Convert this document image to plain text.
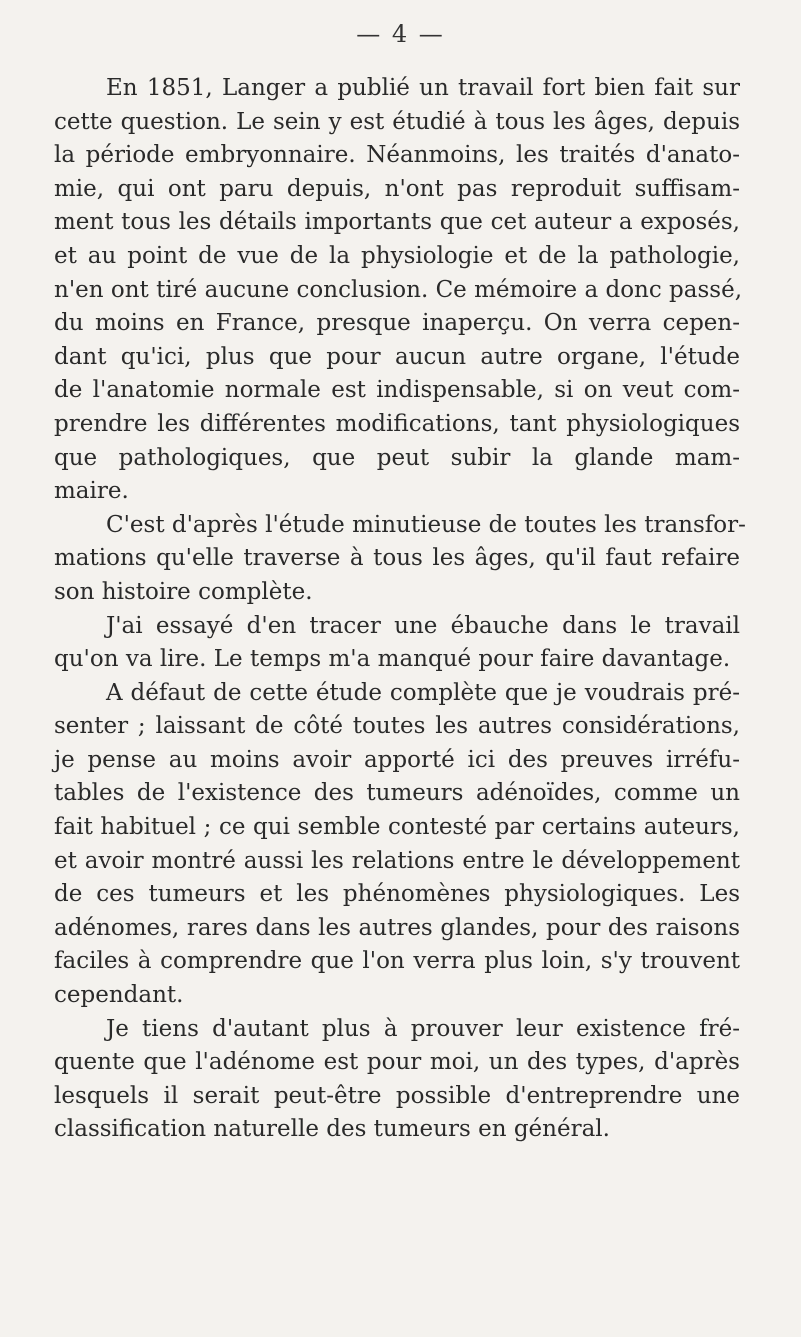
— 4 —

En 1851, Langer a publié un travail fort bien fait sur
cette question. Le sein y est étudié à tous les âges, depuis
la période embryonnaire. Néanmoins, les traités d'anato-
mie, qui ont paru depuis, n'ont pas reproduit suffisam-
ment tous les détails importants que cet auteur a exposés,
et au point de vue de la physiologie et de la pathologie,
n'en ont tiré aucune conclusion. Ce mémoire a donc passé,
du moins en France, presque inaperçu. On verra cepen-
dant qu'ici, plus que pour aucun autre organe, l'étude
de l'anatomie normale est indispensable, si on veut com-
prendre les différentes modifications, tant physiologiques
que pathologiques, que peut subir la glande mam-
maire.

C'est d'après l'étude minutieuse de toutes les transfor-
mations qu'elle traverse à tous les âges, qu'il faut refaire
son histoire complète.

J'ai essayé d'en tracer une ébauche dans le travail
qu'on va lire. Le temps m'a manqué pour faire davantage.

A défaut de cette étude complète que je voudrais pré-
senter ; laissant de côté toutes les autres considérations,
je pense au moins avoir apporté ici des preuves irréfu-
tables de l'existence des tumeurs adénoïdes, comme un
fait habituel ; ce qui semble contesté par certains auteurs,
et avoir montré aussi les relations entre le développement
de ces tumeurs et les phénomènes physiologiques. Les
adénomes, rares dans les autres glandes, pour des raisons
faciles à comprendre que l'on verra plus loin, s'y trouvent
cependant.

Je tiens d'autant plus à prouver leur existence fré-
quente que l'adénome est pour moi, un des types, d'après
lesquels il serait peut-être possible d'entreprendre une
classification naturelle des tumeurs en général.
